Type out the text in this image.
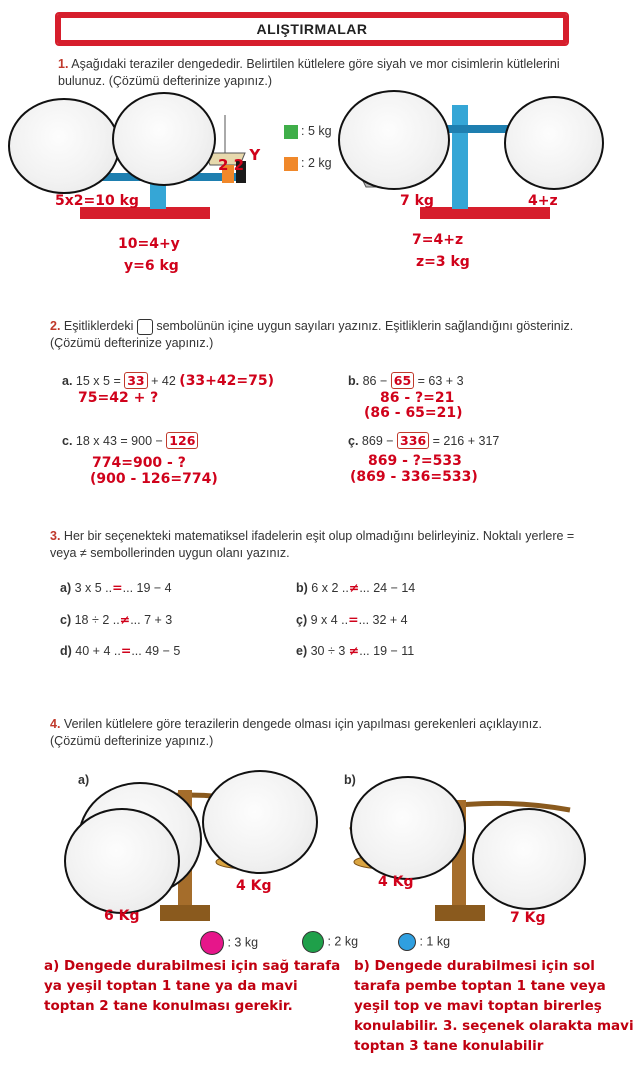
ALIŞTIRMALAR
1. Aşağıdaki teraziler dengededir. Belirtilen kütlelere göre siyah ve mor cisimlerin kütlelerini bulunuz. (Çözümü defterinize yapınız.)
2 2 Y
: 5 kg
: 2 kg
5x2=10 kg
10=4+y
y=6 kg
7 kg	4+z
7=4+z
z=3 kg
2. Eşitliklerdeki sembolünün içine uygun sayıları yazınız. Eşitliklerin sağlandığını gösteriniz. (Çözümü defterinize yapınız.)
a. 15 x 5 = 33 + 42 (33+42=75)
75=42 + ?
b. 86 − 65 = 63 + 3
86 - ?=21
(86 - 65=21)
c. 18 x 43 = 900 − 126
774=900 - ?
(900 - 126=774)
ç. 869 − 336 = 216 + 317
869 - ?=533
(869 - 336=533)
3. Her bir seçenekteki matematiksel ifadelerin eşit olup olmadığını belirleyiniz. Noktalı yerlere = veya ≠ sembollerinden uygun olanı yazınız.
a) 3 x 5 ..=... 19 − 4	b) 6 x 2 ..≠... 24 − 14
c) 18 ÷ 2 ..≠... 7 + 3	ç) 9 x 4 ..=... 32 + 4
d) 40 + 4 ..=... 49 − 5	e) 30 ÷ 3 ≠... 19 − 11
4. Verilen kütlelere göre terazilerin dengede olması için yapılması gerekenleri açıklayınız. (Çözümü defterinize yapınız.)
a)	b)
4 Kg
6 Kg
4 Kg
7 Kg
: 3 kg	: 2 kg	: 1 kg
a) Dengede durabilmesi için sağ tarafa ya yeşil toptan 1 tane ya da mavi toptan 2 tane konulması gerekir.
b) Dengede durabilmesi için sol tarafa pembe toptan 1 tane veya yeşil top ve mavi toptan birerleş konulabilir. 3. seçenek olarakta mavi toptan 3 tane konulabilir
